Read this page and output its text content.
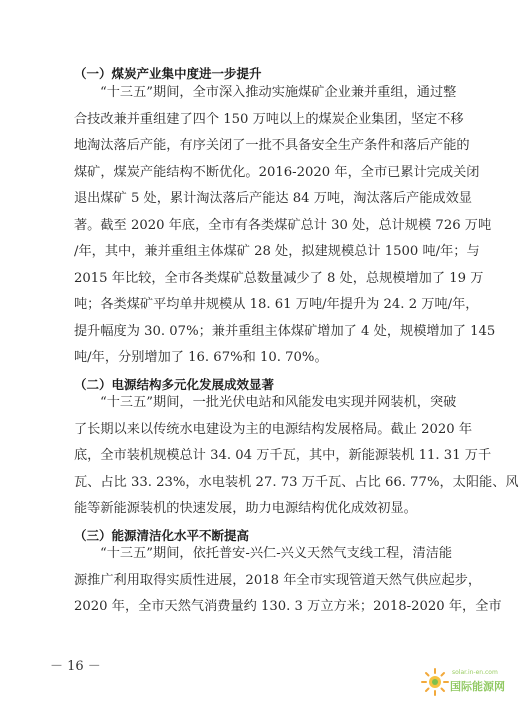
（一）煤炭产业集中度进一步提升
“十三五”期间，全市深入推动实施煤矿企业兼并重组，通过整
合技改兼并重组建了四个 150 万吨以上的煤炭企业集团，坚定不移
地淘汰落后产能，有序关闭了一批不具备安全生产条件和落后产能的
煤矿，煤炭产能结构不断优化。2016-2020 年，全市已累计完成关闭
退出煤矿 5 处，累计淘汰落后产能达 84 万吨，淘汰落后产能成效显
著。截至 2020 年底，全市有各类煤矿总计 30 处，总计规模 726 万吨
/年，其中，兼并重组主体煤矿 28 处，拟建规模总计 1500 吨/年；与
2015 年比较，全市各类煤矿总数量减少了 8 处，总规模增加了 19 万
吨；各类煤矿平均单井规模从 18. 61 万吨/年提升为 24. 2 万吨/年，
提升幅度为 30. 07%；兼并重组主体煤矿增加了 4 处，规模增加了 145
吨/年，分别增加了 16. 67%和 10. 70%。
（二）电源结构多元化发展成效显著
“十三五”期间，一批光伏电站和风能发电实现并网装机，突破
了长期以来以传统水电建设为主的电源结构发展格局。截止 2020 年
底，全市装机规模总计 34. 04 万千瓦，其中，新能源装机 11. 31 万千
瓦、占比 33. 23%，水电装机 27. 73 万千瓦、占比 66. 77%，太阳能、风
能等新能源装机的快速发展，助力电源结构优化成效初显。
（三）能源清洁化水平不断提高
“十三五”期间，依托普安-兴仁-兴义天然气支线工程，清洁能
源推广利用取得实质性进展，2018 年全市实现管道天然气供应起步，
2020 年，全市天然气消费量约 130. 3 万立方米；2018-2020 年，全市
－ 16 －	solar.in-en.com
国际能源网
